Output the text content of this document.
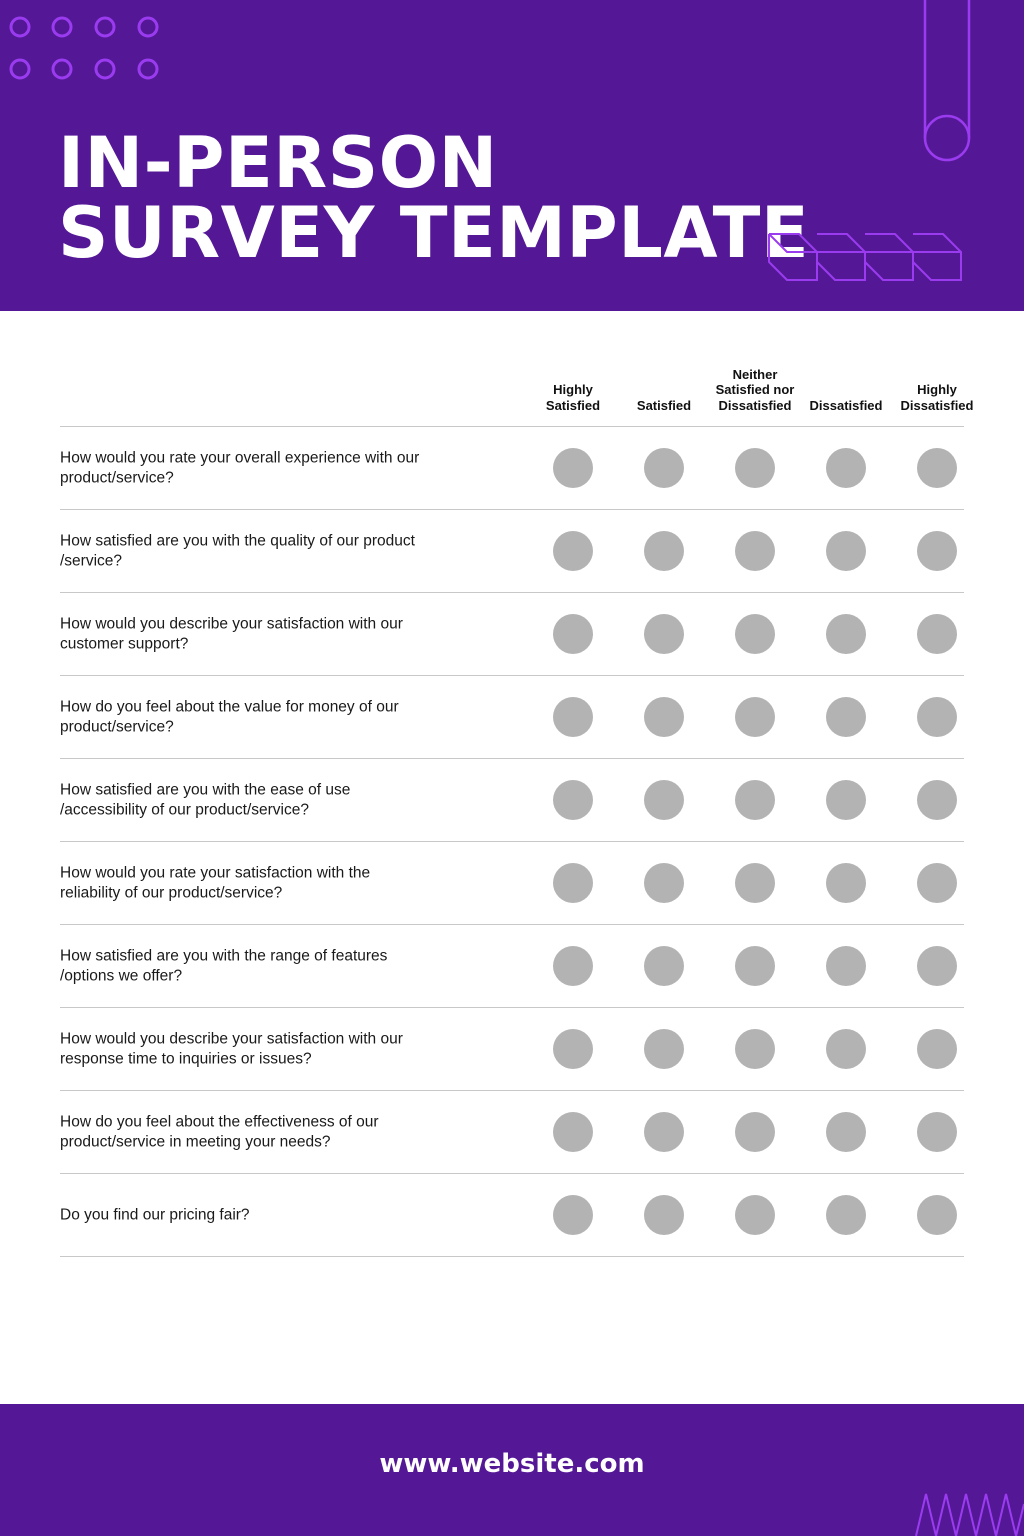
IN-PERSON
SURVEY TEMPLATE
Highly
Satisfied	Satisfied
Neither
Satisfied nor
Dissatisfied	Dissatisfied
Highly
Dissatisfied
How would you rate your overall experience with our
product/service?
How satisfied are you with the quality of our product
/service?
How would you describe your satisfaction with our
customer support?
How do you feel about the value for money of our
product/service?
How satisfied are you with the ease of use
/accessibility of our product/service?
How would you rate your satisfaction with the
reliability of our product/service?
How satisfied are you with the range of features
/options we offer?
How would you describe your satisfaction with our
response time to inquiries or issues?
How do you feel about the effectiveness of our
product/service in meeting your needs?
Do you find our pricing fair?
www.website.com
